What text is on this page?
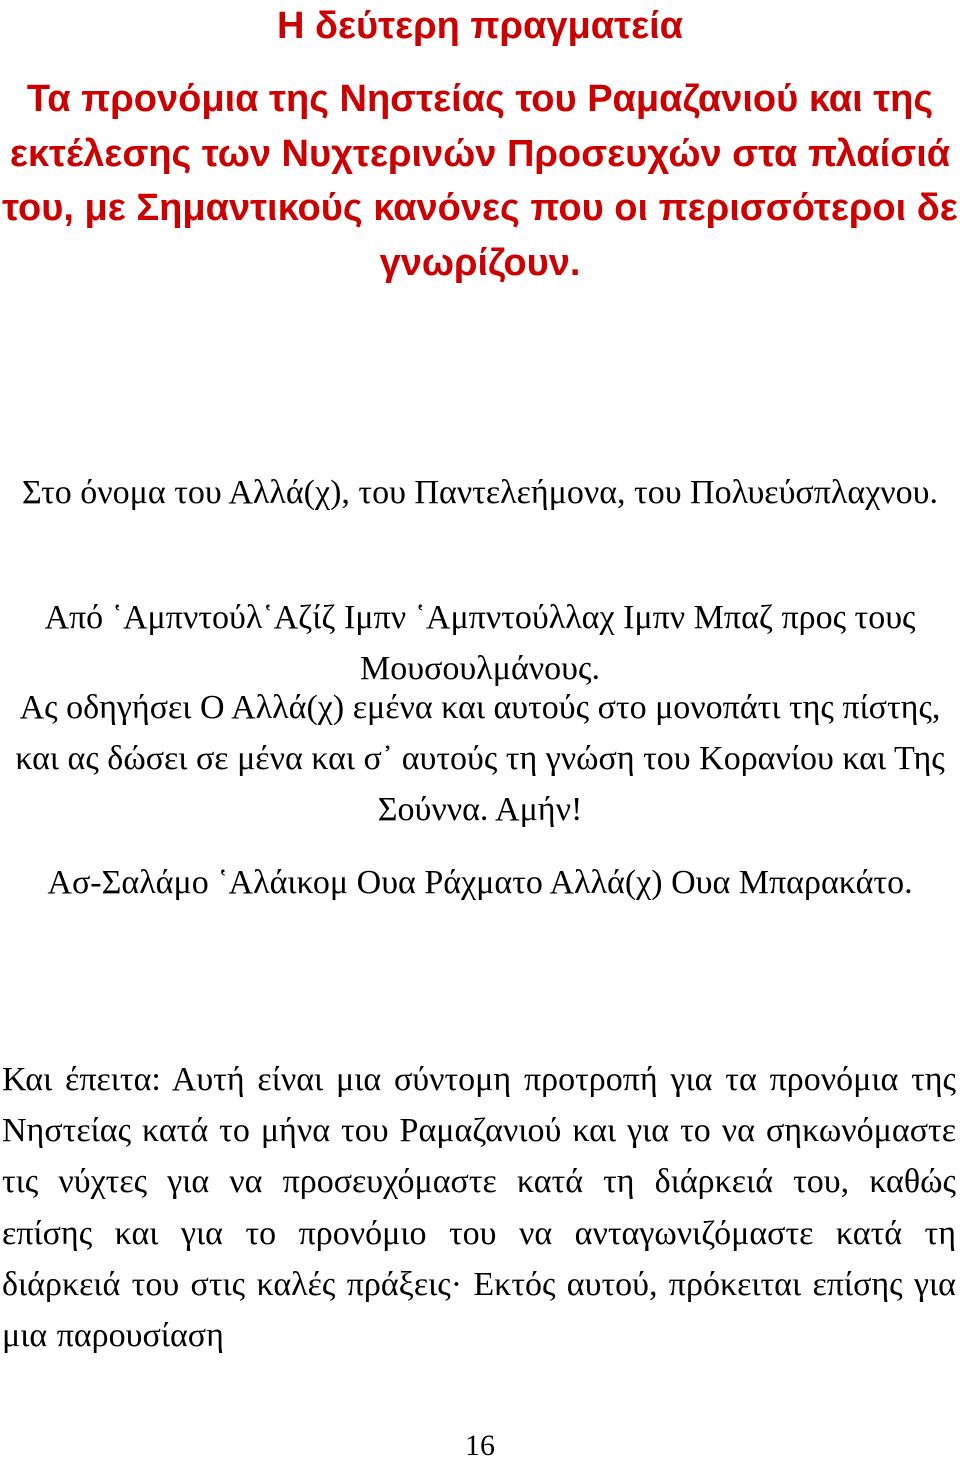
Η δεύτερη πραγματεία
Τα προνόμια της Νηστείας του Ραμαζανιού και της εκτέλεσης των Νυχτερινών Προσευχών στα πλαίσιά του, με Σημαντικούς κανόνες που οι περισσότεροι δε γνωρίζουν.

Στο όνομα του Αλλά(χ), του Παντελεήμονα, του Πολυεύσπλαχνου.

Από ῾Αμπντούλ῾Αζίζ Ιμπν ῾Αμπντούλλαχ Ιμπν Μπαζ προς τους Μουσουλμάνους.

Ας οδηγήσει Ο Αλλά(χ) εμένα και αυτούς στο μονοπάτι της πίστης, και ας δώσει σε μένα και σ᾽ αυτούς τη γνώση του Κορανίου και Της Σούννα. Αμήν!

Ασ-Σαλάμο ῾Αλάικομ Ουα Ράχματο Αλλά(χ) Ουα Μπαρακάτο.

Και έπειτα: Αυτή είναι μια σύντομη προτροπή για τα προνόμια της Νηστείας κατά το μήνα του Ραμαζανιού και για το να σηκωνόμαστε τις νύχτες για να προσευχόμαστε κατά τη διάρκειά του, καθώς επίσης και για το προνόμιο του να ανταγωνιζόμαστε κατά τη διάρκειά του στις καλές πράξεις· Εκτός αυτού, πρόκειται επίσης για μια παρουσίαση

16
